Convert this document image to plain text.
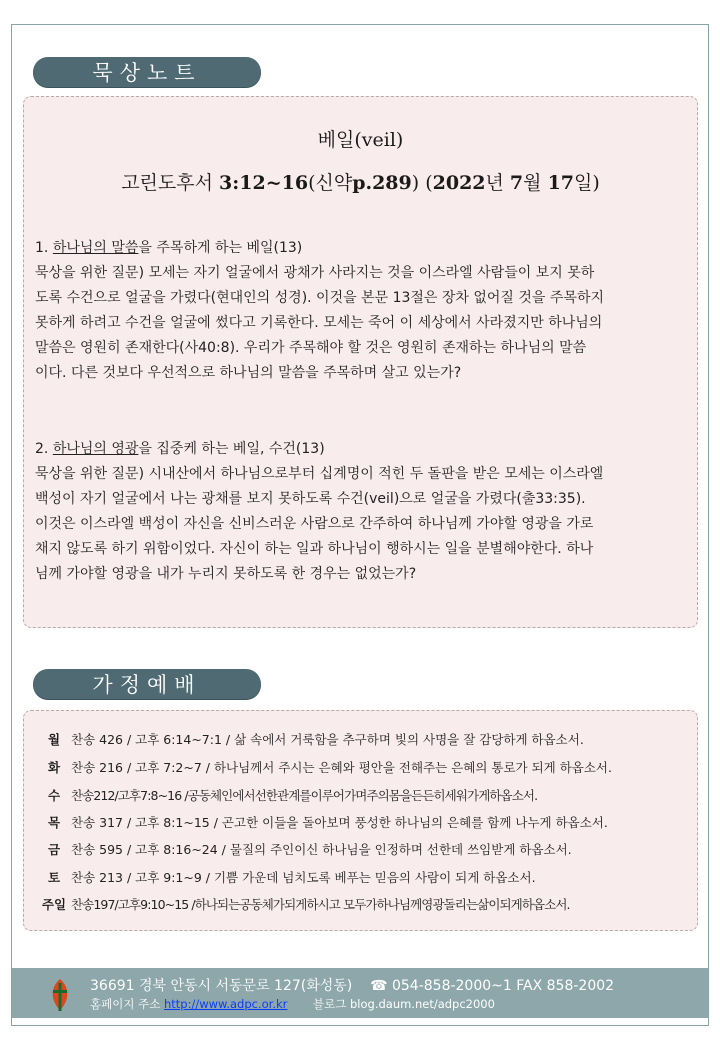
묵상노트
베일(veil)
고린도후서 3:12~16(신약p.289) (2022년 7월 17일)

1. 하나님의 말씀을 주목하게 하는 베일(13)

묵상을 위한 질문) 모세는 자기 얼굴에서 광채가 사라지는 것을 이스라엘 사람들이 보지 못하

도록 수건으로 얼굴을 가렸다(현대인의 성경). 이것을 본문 13절은 장차 없어질 것을 주목하지

못하게 하려고 수건을 얼굴에 썼다고 기록한다. 모세는 죽어 이 세상에서 사라졌지만 하나님의

말씀은 영원히 존재한다(사40:8). 우리가 주목해야 할 것은 영원히 존재하는 하나님의 말씀

이다. 다른 것보다 우선적으로 하나님의 말씀을 주목하며 살고 있는가?

2. 하나님의 영광을 집중케 하는 베일, 수건(13)

묵상을 위한 질문) 시내산에서 하나님으로부터 십계명이 적힌 두 돌판을 받은 모세는 이스라엘

백성이 자기 얼굴에서 나는 광채를 보지 못하도록 수건(veil)으로 얼굴을 가렸다(출33:35).

이것은 이스라엘 백성이 자신을 신비스러운 사람으로 간주하여 하나님께 가야할 영광을 가로

채지 않도록 하기 위함이었다. 자신이 하는 일과 하나님이 행하시는 일을 분별해야한다. 하나

님께 가야할 영광을 내가 누리지 못하도록 한 경우는 없었는가?

가정예배
월 찬송 426 / 고후 6:14~7:1 / 삶 속에서 거룩함을 추구하며 빛의 사명을 잘 감당하게 하옵소서.
화 찬송 216 / 고후 7:2~7 / 하나님께서 주시는 은혜와 평안을 전해주는 은혜의 통로가 되게 하옵소서.
수 찬송212/고후7:8~16 /공동체인에서선한관계를이루어가며주의몸을든든히세워가게하옵소서.
목 찬송 317 / 고후 8:1~15 / 곤고한 이들을 돌아보며 풍성한 하나님의 은혜를 함께 나누게 하옵소서.
금 찬송 595 / 고후 8:16~24 / 물질의 주인이신 하나님을 인정하며 선한데 쓰임받게 하옵소서.
토 찬송 213 / 고후 9:1~9 / 기쁨 가운데 넘치도록 베푸는 믿음의 사람이 되게 하옵소서.
주일 찬송197/고후9:10~15 /하나되는공동체가되게하시고 모두가하나님께영광돌리는삶이되게하옵소서.
36691 경북 안동시 서동문로 127(화성동) ☎ 054-858-2000~1 FAX 858-2002
홈페이지 주소 http://www.adpc.or.kr 블로그 blog.daum.net/adpc2000
